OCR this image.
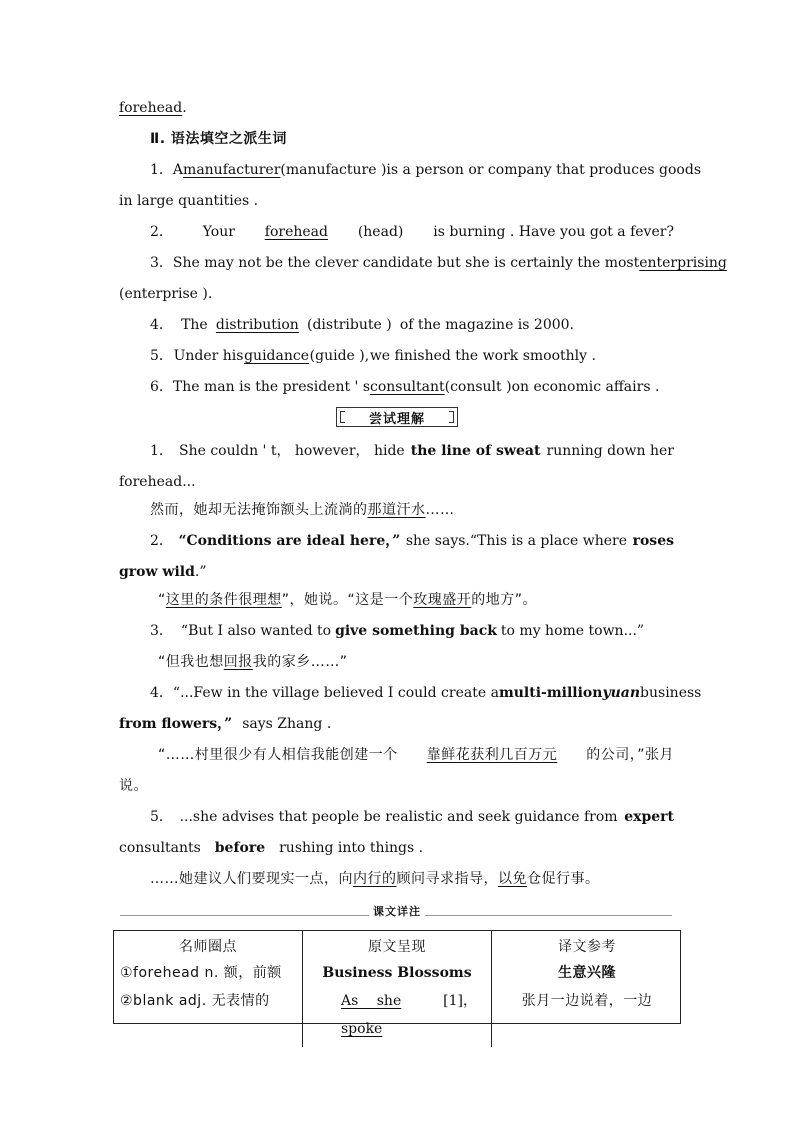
forehead .
Ⅱ. 语法填空之派生词
1． A manufacturer (manufacture ) is a person or company that produces goods
in large quantities .
2． Your forehead (head) is burning . Have you got a fever?
3． She may not be the clever candidate but she is certainly the most enterprising
(enterprise ).
4． The distribution (distribute ) of the magazine is 2000.
5． Under his guidance (guide ), we finished the work smoothly .
6． The man is the president ' s consultant (consult ) on economic affairs .
尝试理解
1． She couldn ' t， however， hide the line of sweat running down her
forehead...
然而，她却无法掩饰额头上流淌的 那道汗水 ……
2． “Conditions are ideal here，” she says.“This is a place where roses
grow wild .”
“ 这里的条件很理想 ”，她说。“这是一个 玫瑰盛开 的地方”。
3． “But I also wanted to give something back to my home town...”
“但我也想 回报 我的家乡……”
4． “...Few in the village believed I could create a multi-million yuan business
from flowers，” says Zhang .
“……村里很少有人相信我能创建一个 靠鲜花获利几百万元 的公司，”张月
说。
5． ...she advises that people be realistic and seek guidance from expert
consultants before rushing into things .
……她建议人们要现实一点，向 内行的 顾问寻求指导， 以免 仓促行事。
课文详注
名师圈点
①forehead n. 额，前额
②blank adj. 无表情的
原文呈现
Business Blossoms
As she spoke
[1]，
译文参考
生意兴隆
张月一边说着，一边
